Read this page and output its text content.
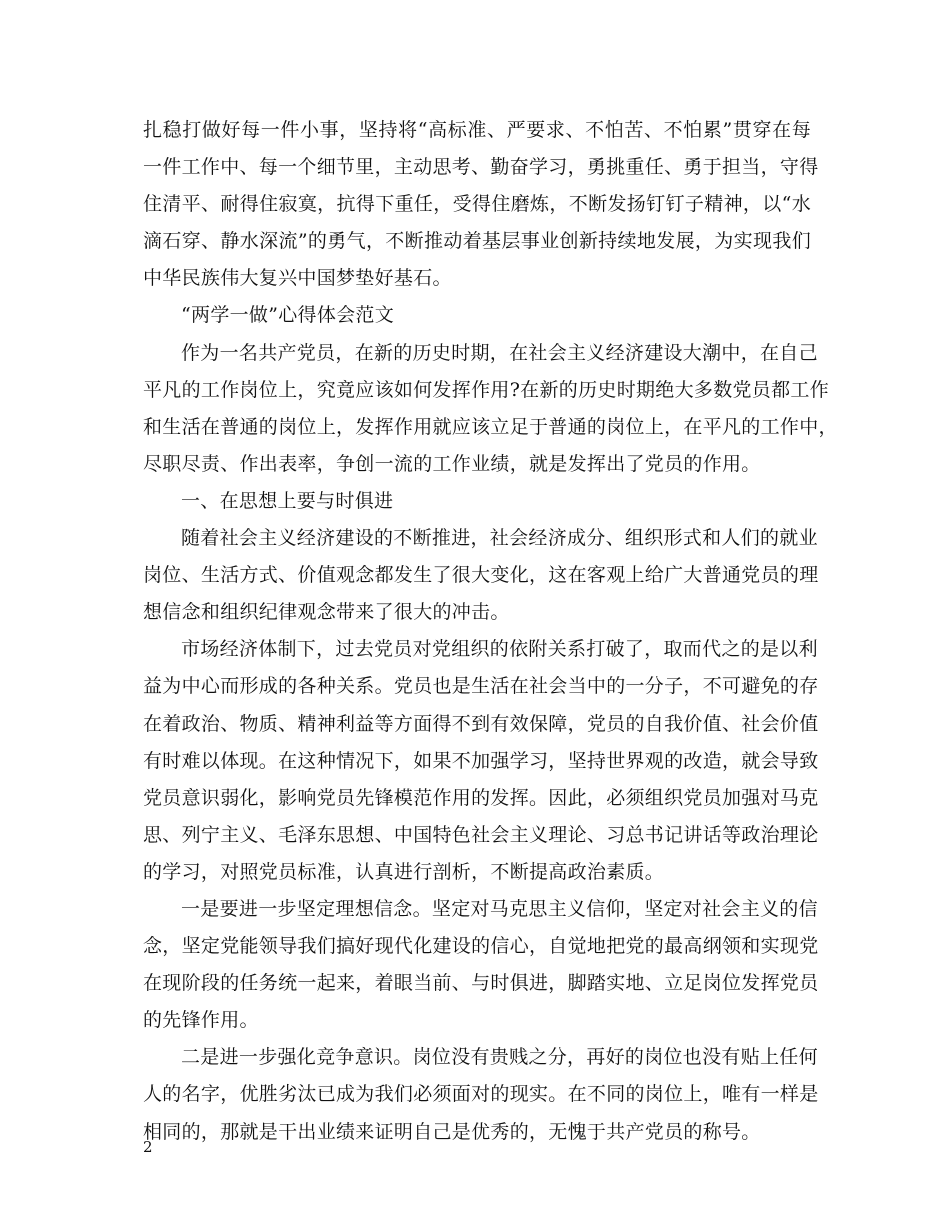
扎稳打做好每一件小事，坚持将“高标准、严要求、不怕苦、不怕累”贯穿在每
一件工作中、每一个细节里，主动思考、勤奋学习，勇挑重任、勇于担当，守得
住清平、耐得住寂寞，抗得下重任，受得住磨炼，不断发扬钉钉子精神，以“水
滴石穿、静水深流”的勇气，不断推动着基层事业创新持续地发展，为实现我们
中华民族伟大复兴中国梦垫好基石。
“两学一做”心得体会范文
作为一名共产党员，在新的历史时期，在社会主义经济建设大潮中，在自己
平凡的工作岗位上，究竟应该如何发挥作用?在新的历史时期绝大多数党员都工作
和生活在普通的岗位上，发挥作用就应该立足于普通的岗位上，在平凡的工作中，
尽职尽责、作出表率，争创一流的工作业绩，就是发挥出了党员的作用。
一、在思想上要与时俱进
随着社会主义经济建设的不断推进，社会经济成分、组织形式和人们的就业
岗位、生活方式、价值观念都发生了很大变化，这在客观上给广大普通党员的理
想信念和组织纪律观念带来了很大的冲击。
市场经济体制下，过去党员对党组织的依附关系打破了，取而代之的是以利
益为中心而形成的各种关系。党员也是生活在社会当中的一分子，不可避免的存
在着政治、物质、精神利益等方面得不到有效保障，党员的自我价值、社会价值
有时难以体现。在这种情况下，如果不加强学习，坚持世界观的改造，就会导致
党员意识弱化，影响党员先锋模范作用的发挥。因此，必须组织党员加强对马克
思、列宁主义、毛泽东思想、中国特色社会主义理论、习总书记讲话等政治理论
的学习，对照党员标准，认真进行剖析，不断提高政治素质。
一是要进一步坚定理想信念。坚定对马克思主义信仰，坚定对社会主义的信
念，坚定党能领导我们搞好现代化建设的信心，自觉地把党的最高纲领和实现党
在现阶段的任务统一起来，着眼当前、与时俱进，脚踏实地、立足岗位发挥党员
的先锋作用。
二是进一步强化竞争意识。岗位没有贵贱之分，再好的岗位也没有贴上任何
人的名字，优胜劣汰已成为我们必须面对的现实。在不同的岗位上，唯有一样是
相同的，那就是干出业绩来证明自己是优秀的，无愧于共产党员的称号。
2
